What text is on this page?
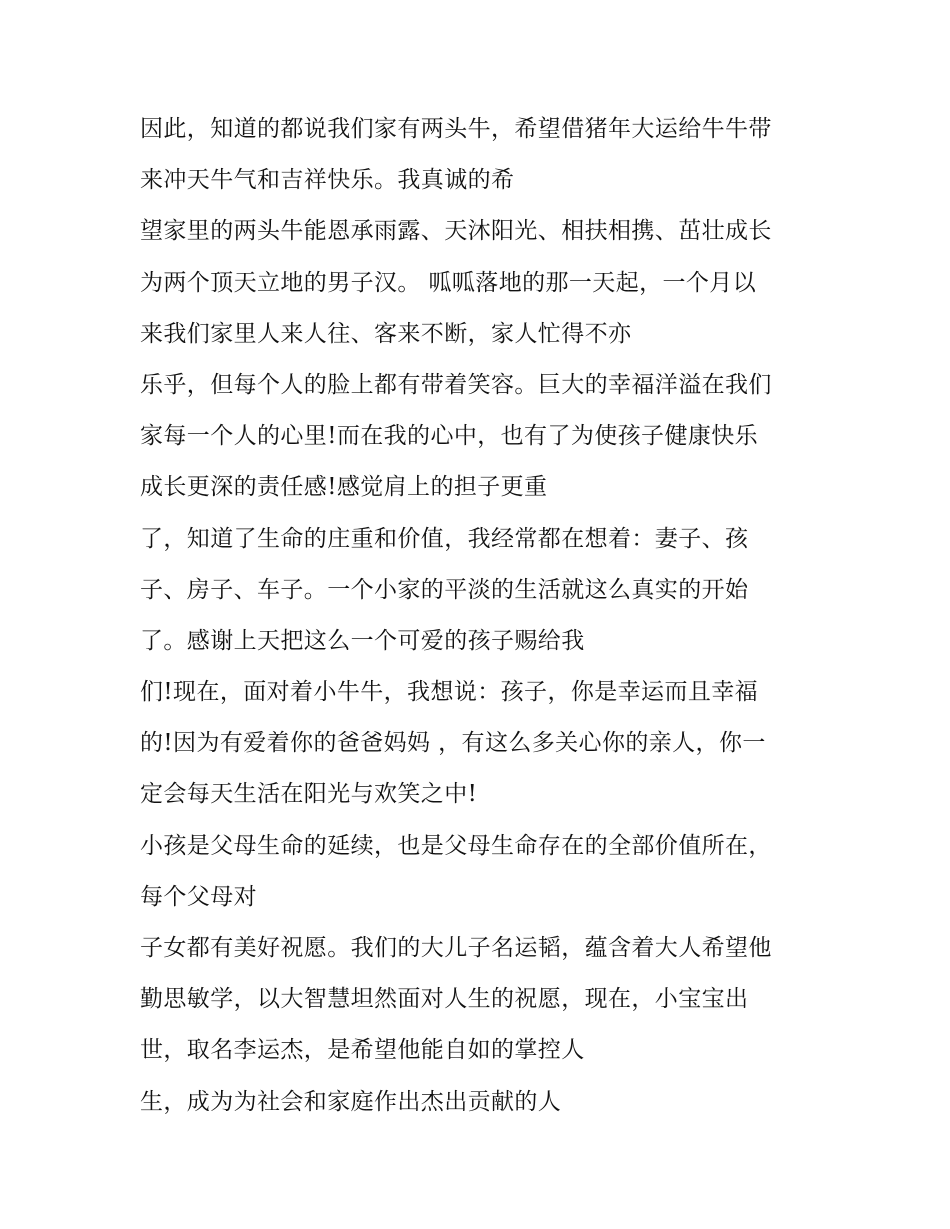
因此，知道的都说我们家有两头牛，希望借猪年大运给牛牛带
来冲天牛气和吉祥快乐。我真诚的希
望家里的两头牛能恩承雨露、天沐阳光、相扶相携、茁壮成长
为两个顶天立地的男子汉。 呱呱落地的那一天起，一个月以
来我们家里人来人往、客来不断，家人忙得不亦
乐乎，但每个人的脸上都有带着笑容。巨大的幸福洋溢在我们
家每一个人的心里!而在我的心中，也有了为使孩子健康快乐
成长更深的责任感!感觉肩上的担子更重
了，知道了生命的庄重和价值，我经常都在想着：妻子、孩
子、房子、车子。一个小家的平淡的生活就这么真实的开始
了。感谢上天把这么一个可爱的孩子赐给我
们!现在，面对着小牛牛，我想说：孩子，你是幸运而且幸福
的!因为有爱着你的爸爸妈妈 ，有这么多关心你的亲人，你一
定会每天生活在阳光与欢笑之中!
小孩是父母生命的延续，也是父母生命存在的全部价值所在，
每个父母对
子女都有美好祝愿。我们的大儿子名运韬，蕴含着大人希望他
勤思敏学，以大智慧坦然面对人生的祝愿，现在，小宝宝出
世，取名李运杰，是希望他能自如的掌控人
生，成为为社会和家庭作出杰出贡献的人
